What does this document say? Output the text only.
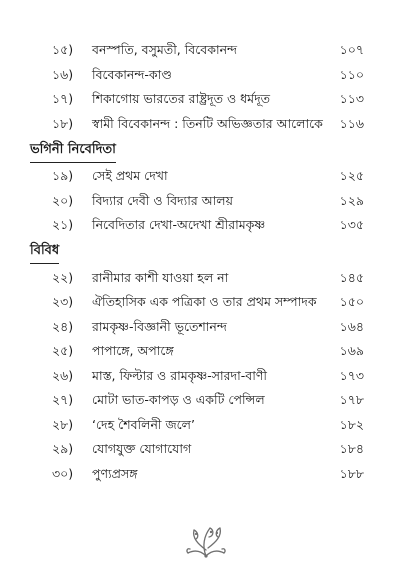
১৫)	বনস্পতি, বসুমতী, বিবেকানন্দ	১০৭
১৬)	বিবেকানন্দ-কাণ্ড	১১০
১৭)	শিকাগোয় ভারতের রাষ্ট্রদূত ও ধর্মদূত	১১৩
১৮)	স্বামী বিবেকানন্দ : তিনটি অভিজ্ঞতার আলোকে ১১৬
ভগিনী নিবেদিতা
১৯)	সেই প্রথম দেখা	১২৫
২০)	বিদ্যার দেবী ও বিদ্যার আলয়	১২৯
২১)	নিবেদিতার দেখা-অদেখা শ্রীরামকৃষ্ণ	১৩৫
বিবিধ
২২)	রানীমার কাশী যাওয়া হল না	১৪৫
২৩)	ঐতিহাসিক এক পত্রিকা ও তার প্রথম সম্পাদক ১৫০
২৪)	রামকৃষ্ণ-বিজ্ঞানী ভূতেশানন্দ	১৬৪
২৫)	পাপাঙ্গে, অপাঙ্গে	১৬৯
২৬)	মাস্ত, ফিল্টার ও রামকৃষ্ণ-সারদা-বাণী	১৭৩
২৭)	মোটা ভাত-কাপড় ও একটি পেন্সিল	১৭৮
২৮)	‘দেহ শৈবলিনী জলে’	১৮২
২৯)	যোগযুক্ত যোগাযোগ	১৮৪
৩০)	পুণ্যপ্রসঙ্গ	১৮৮
